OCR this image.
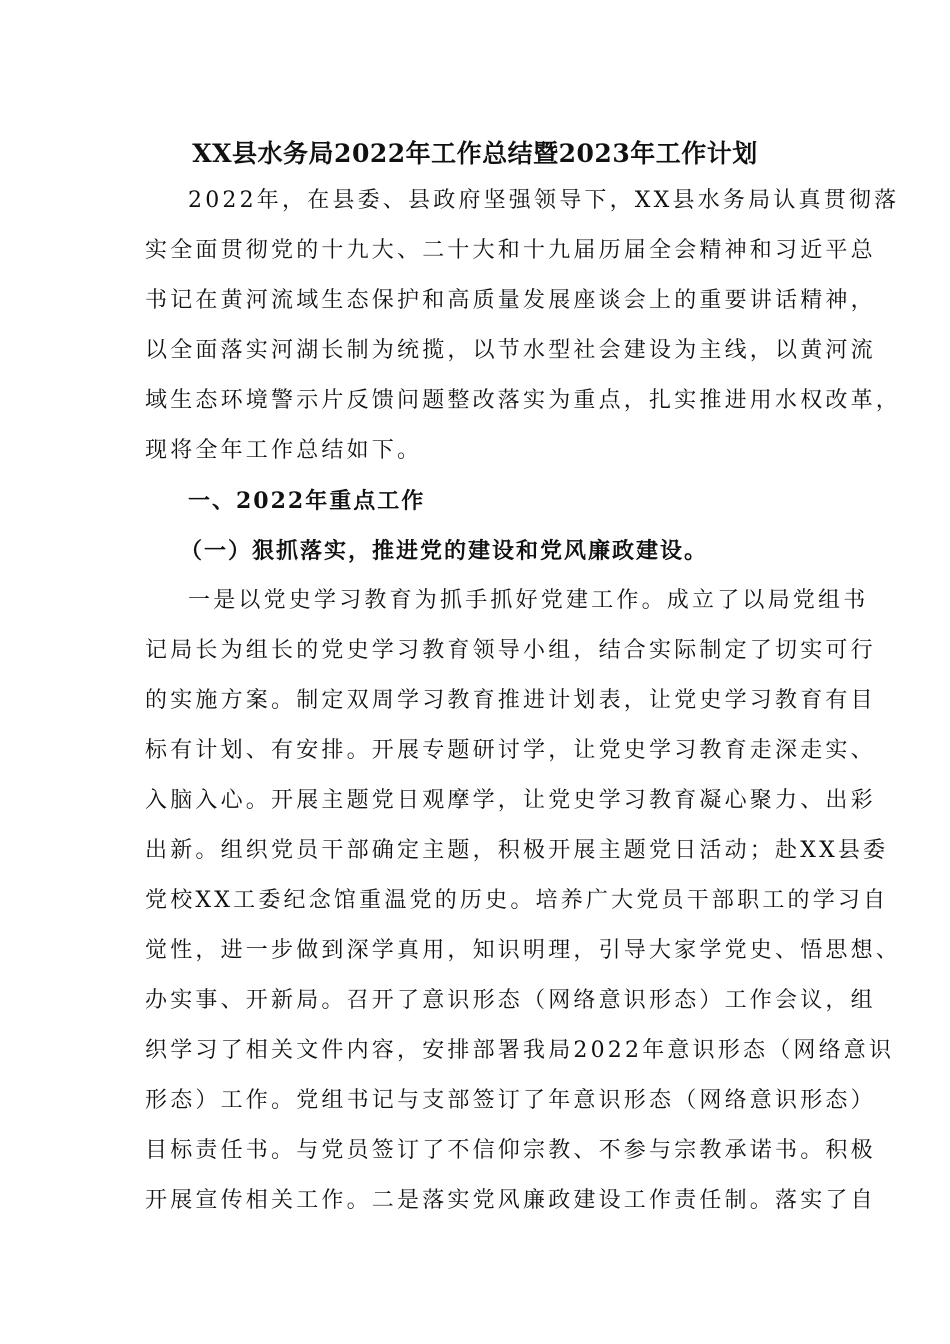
XX县水务局2022年工作总结暨2023年工作计划
2022年，在县委、县政府坚强领导下，XX县水务局认真贯彻落
实全面贯彻党的十九大、二十大和十九届历届全会精神和习近平总
书记在黄河流域生态保护和高质量发展座谈会上的重要讲话精神，
以全面落实河湖长制为统揽，以节水型社会建设为主线，以黄河流
域生态环境警示片反馈问题整改落实为重点，扎实推进用水权改革，
现将全年工作总结如下。
一、2022年重点工作
（一）狠抓落实，推进党的建设和党风廉政建设。
一是以党史学习教育为抓手抓好党建工作。成立了以局党组书
记局长为组长的党史学习教育领导小组，结合实际制定了切实可行
的实施方案。制定双周学习教育推进计划表，让党史学习教育有目
标有计划、有安排。开展专题研讨学，让党史学习教育走深走实、
入脑入心。开展主题党日观摩学，让党史学习教育凝心聚力、出彩
出新。组织党员干部确定主题，积极开展主题党日活动；赴XX县委
党校XX工委纪念馆重温党的历史。培养广大党员干部职工的学习自
觉性，进一步做到深学真用，知识明理，引导大家学党史、悟思想、
办实事、开新局。召开了意识形态（网络意识形态）工作会议，组
织学习了相关文件内容，安排部署我局2022年意识形态（网络意识
形态）工作。党组书记与支部签订了年意识形态（网络意识形态）
目标责任书。与党员签订了不信仰宗教、不参与宗教承诺书。积极
开展宣传相关工作。二是落实党风廉政建设工作责任制。落实了自
